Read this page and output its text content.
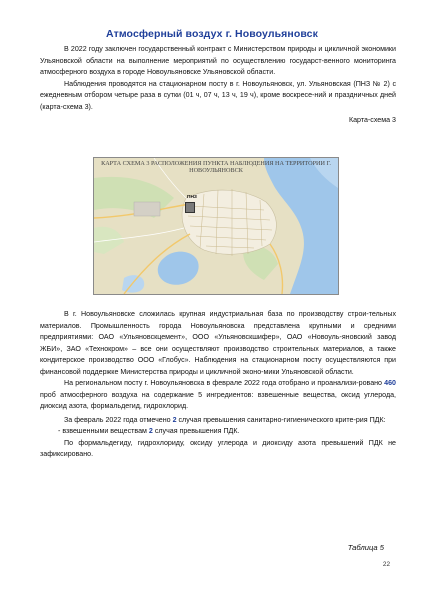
Атмосферный воздух г. Новоульяновск

В 2022 году заключен государственный контракт с Министерством природы и цикличной экономики Ульяновской области на выполнение мероприятий по осуществлению государст-венного мониторинга атмосферного воздуха в городе Новоульяновске Ульяновской области.

Наблюдения проводятся на стационарном посту в г. Новоульяновск, ул. Ульяновская (ПНЗ № 2) с ежедневным отбором четыре раза в сутки (01 ч, 07 ч, 13 ч, 19 ч), кроме воскресе-ний и праздничных дней (карта-схема 3).

Карта-схема 3

КАРТА СХЕМА 3 РАСПОЛОЖЕНИЯ ПУНКТА НАБЛЮДЕНИЯ НА ТЕРРИТОРИИ Г. НОВОУЛЬЯНОВСК
ПНЗ

В г. Новоульяновске сложилась крупная индустриальная база по производству строи-тельных материалов. Промышленность города Новоульяновска представлена крупными и средними предприятиями: ОАО «Ульяновскцемент», ООО «Ульяновскшифер», ОАО «Новоуль-яновский завод ЖБИ», ЗАО «Технокром» – все они осуществляют производство строительных материалов, а также кондитерское производство ООО «Глобус». Наблюдения на стационарном посту осуществляются при финансовой поддержке Министерства природы и цикличной эконо-мики Ульяновской области.

На региональном посту г. Новоульяновска в феврале 2022 года отобрано и проанализи-ровано 460 проб атмосферного воздуха на содержание 5 ингредиентов: взвешенные вещества, оксид углерода, диоксид азота, формальдегид, гидрохлорид.

За февраль 2022 года отмечено 2 случая превышения санитарно-гигиенического крите-рия ПДК:

- взвешенными веществам 2 случая превышения ПДК.

По формальдегиду, гидрохлориду, оксиду углерода и диоксиду азота превышений ПДК не зафиксировано.

Таблица 5
22
